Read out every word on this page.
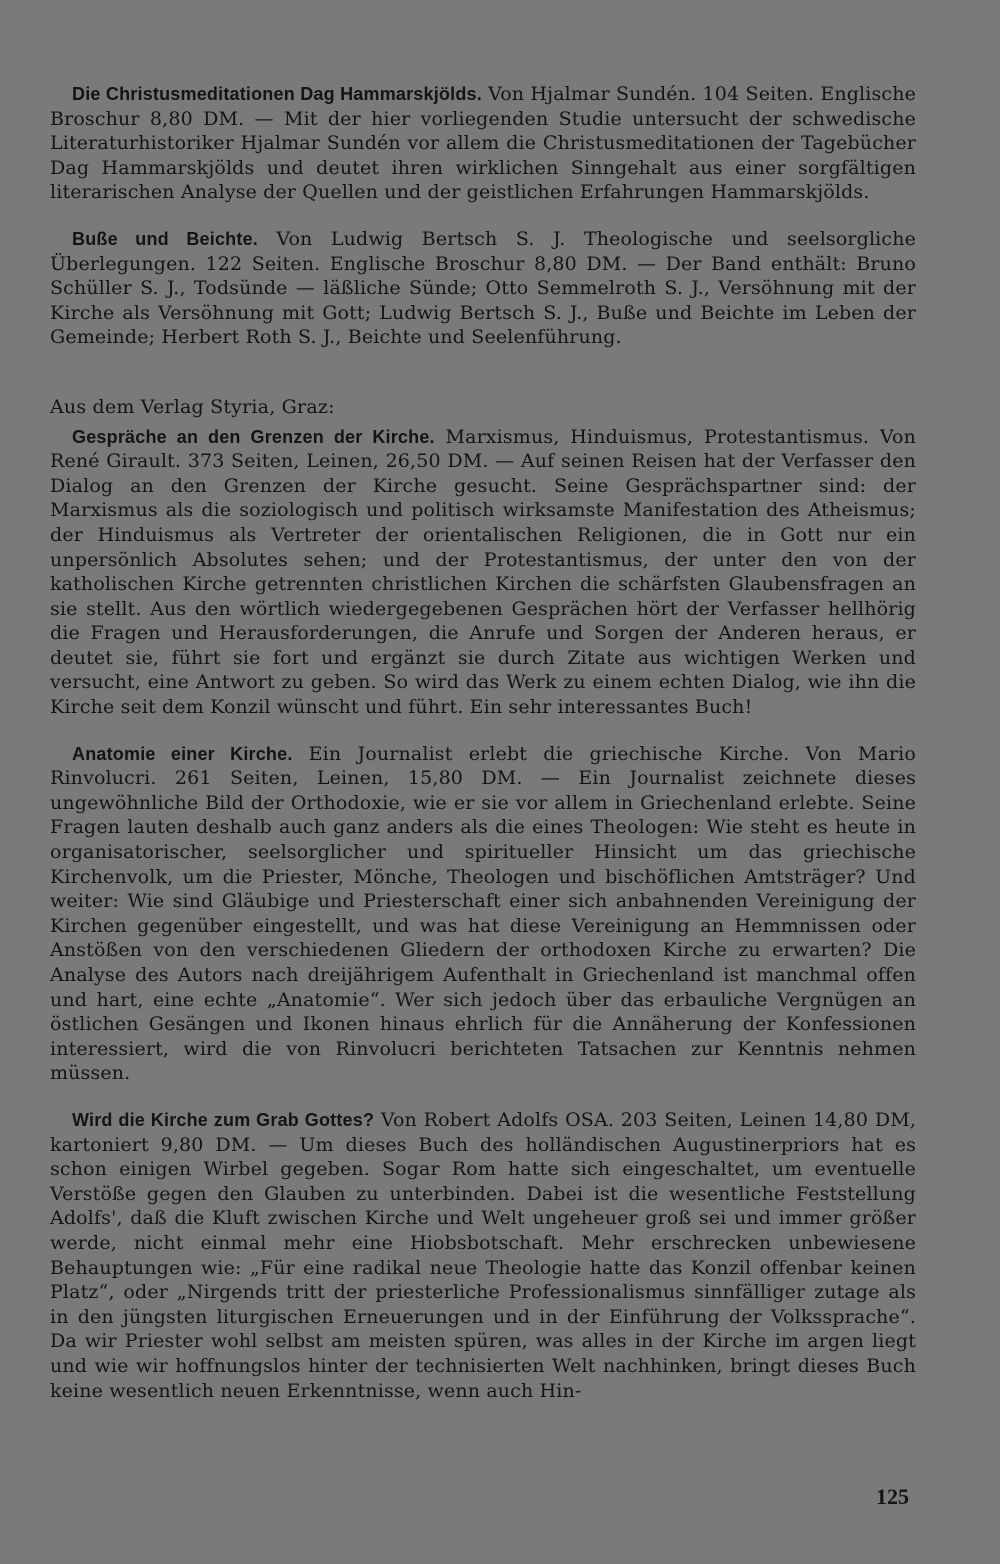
Die Christusmeditationen Dag Hammarskjölds. Von Hjalmar Sundén. 104 Seiten. Englische Broschur 8,80 DM. — Mit der hier vorliegenden Studie untersucht der schwedische Literaturhistoriker Hjalmar Sundén vor allem die Christusmeditationen der Tagebücher Dag Hammarskjölds und deutet ihren wirklichen Sinngehalt aus einer sorgfältigen literarischen Analyse der Quellen und der geistlichen Erfahrungen Hammarskjölds.

Buße und Beichte. Von Ludwig Bertsch S. J. Theologische und seelsorgliche Überlegungen. 122 Seiten. Englische Broschur 8,80 DM. — Der Band enthält: Bruno Schüller S. J., Todsünde — läßliche Sünde; Otto Semmelroth S. J., Versöhnung mit der Kirche als Versöhnung mit Gott; Ludwig Bertsch S. J., Buße und Beichte im Leben der Gemeinde; Herbert Roth S. J., Beichte und Seelenführung.

Aus dem Verlag Styria, Graz:

Gespräche an den Grenzen der Kirche. Marxismus, Hinduismus, Protestantismus. Von René Girault. 373 Seiten, Leinen, 26,50 DM. — Auf seinen Reisen hat der Verfasser den Dialog an den Grenzen der Kirche gesucht. Seine Gesprächspartner sind: der Marxismus als die soziologisch und politisch wirksamste Manifestation des Atheismus; der Hinduismus als Vertreter der orientalischen Religionen, die in Gott nur ein unpersönlich Absolutes sehen; und der Protestantismus, der unter den von der katholischen Kirche getrennten christlichen Kirchen die schärfsten Glaubensfragen an sie stellt. Aus den wörtlich wiedergegebenen Gesprächen hört der Verfasser hellhörig die Fragen und Herausforderungen, die Anrufe und Sorgen der Anderen heraus, er deutet sie, führt sie fort und ergänzt sie durch Zitate aus wichtigen Werken und versucht, eine Antwort zu geben. So wird das Werk zu einem echten Dialog, wie ihn die Kirche seit dem Konzil wünscht und führt. Ein sehr interessantes Buch!

Anatomie einer Kirche. Ein Journalist erlebt die griechische Kirche. Von Mario Rinvolucri. 261 Seiten, Leinen, 15,80 DM. — Ein Journalist zeichnete dieses ungewöhnliche Bild der Orthodoxie, wie er sie vor allem in Griechenland erlebte. Seine Fragen lauten deshalb auch ganz anders als die eines Theologen: Wie steht es heute in organisatorischer, seelsorglicher und spiritueller Hinsicht um das griechische Kirchenvolk, um die Priester, Mönche, Theologen und bischöflichen Amtsträger? Und weiter: Wie sind Gläubige und Priesterschaft einer sich anbahnenden Vereinigung der Kirchen gegenüber eingestellt, und was hat diese Vereinigung an Hemmnissen oder Anstößen von den verschiedenen Gliedern der orthodoxen Kirche zu erwarten? Die Analyse des Autors nach dreijährigem Aufenthalt in Griechenland ist manchmal offen und hart, eine echte „Anatomie“. Wer sich jedoch über das erbauliche Vergnügen an östlichen Gesängen und Ikonen hinaus ehrlich für die Annäherung der Konfessionen interessiert, wird die von Rinvolucri berichteten Tatsachen zur Kenntnis nehmen müssen.

Wird die Kirche zum Grab Gottes? Von Robert Adolfs OSA. 203 Seiten, Leinen 14,80 DM, kartoniert 9,80 DM. — Um dieses Buch des holländischen Augustinerpriors hat es schon einigen Wirbel gegeben. Sogar Rom hatte sich eingeschaltet, um eventuelle Verstöße gegen den Glauben zu unterbinden. Dabei ist die wesentliche Feststellung Adolfs', daß die Kluft zwischen Kirche und Welt ungeheuer groß sei und immer größer werde, nicht einmal mehr eine Hiobsbotschaft. Mehr erschrecken unbewiesene Behauptungen wie: „Für eine radikal neue Theologie hatte das Konzil offenbar keinen Platz“, oder „Nirgends tritt der priesterliche Professionalismus sinnfälliger zutage als in den jüngsten liturgischen Erneuerungen und in der Einführung der Volkssprache“. Da wir Priester wohl selbst am meisten spüren, was alles in der Kirche im argen liegt und wie wir hoffnungslos hinter der technisierten Welt nachhinken, bringt dieses Buch keine wesentlich neuen Erkenntnisse, wenn auch Hin-

125
